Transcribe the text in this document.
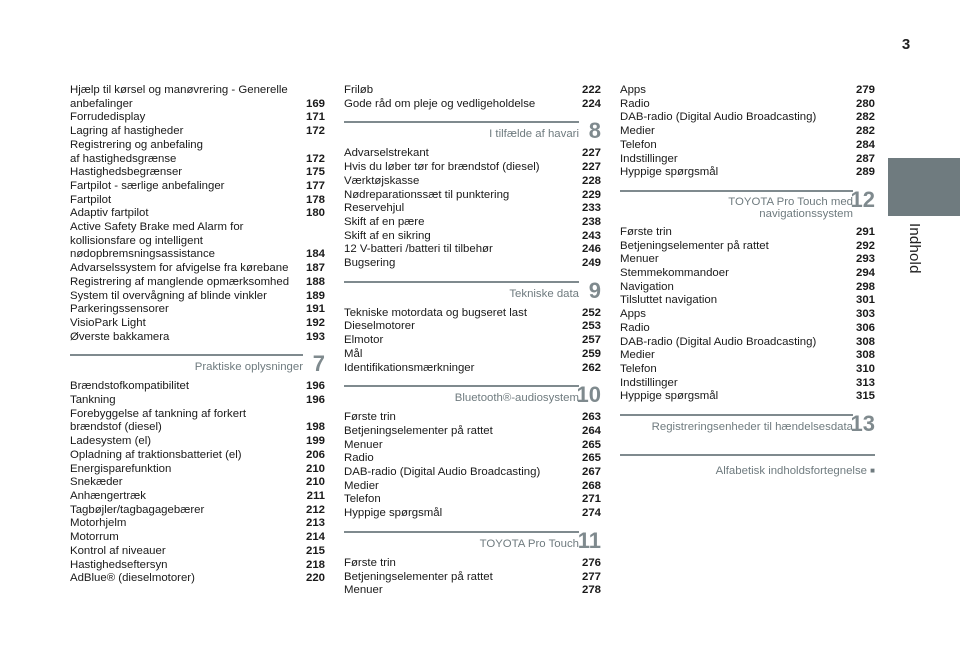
3
Indhold
Hjælp til kørsel og manøvrering - Generelle
anbefalinger	169
Forrudedisplay	171
Lagring af hastigheder	172
Registrering og anbefaling
af hastighedsgrænse	172
Hastighedsbegrænser	175
Fartpilot - særlige anbefalinger	177
Fartpilot	178
Adaptiv fartpilot	180
Active Safety Brake med Alarm for
kollisionsfare og intelligent
nødopbremsningsassistance	184
Advarselssystem for afvigelse fra kørebane	187
Registrering af manglende opmærksomhed	188
System til overvågning af blinde vinkler	189
Parkeringssensorer	191
VisioPark Light	192
Øverste bakkamera	193
Praktiske oplysninger 7
Brændstofkompatibilitet	196
Tankning	196
Forebyggelse af tankning af forkert
brændstof (diesel)	198
Ladesystem (el)	199
Opladning af traktionsbatteriet (el)	206
Energisparefunktion	210
Snekæder	210
Anhængertræk	211
Tagbøjler/tagbagagebærer	212
Motorhjelm	213
Motorrum	214
Kontrol af niveauer	215
Hastighedseftersyn	218
AdBlue® (dieselmotorer)	220
Friløb	222
Gode råd om pleje og vedligeholdelse	224
I tilfælde af havari 8
Advarselstrekant	227
Hvis du løber tør for brændstof (diesel)	227
Værktøjskasse	228
Nødreparationssæt til punktering	229
Reservehjul	233
Skift af en pære	238
Skift af en sikring	243
12 V-batteri /batteri til tilbehør	246
Bugsering	249
Tekniske data 9
Tekniske motordata og bugseret last	252
Dieselmotorer	253
Elmotor	257
Mål	259
Identifikationsmærkninger	262
Bluetooth®-audiosystem
10
Første trin	263
Betjeningselementer på rattet	264
Menuer	265
Radio	265
DAB-radio (Digital Audio Broadcasting)	267
Medier	268
Telefon	271
Hyppige spørgsmål	274
TOYOTA Pro Touch
11
Første trin	276
Betjeningselementer på rattet	277
Menuer	278
Apps	279
Radio	280
DAB-radio (Digital Audio Broadcasting)	282
Medier	282
Telefon	284
Indstillinger	287
Hyppige spørgsmål	289
TOYOTA Pro Touch med
navigationssystem
12
Første trin	291
Betjeningselementer på rattet	292
Menuer	293
Stemmekommandoer	294
Navigation	298
Tilsluttet navigation	301
Apps	303
Radio	306
DAB-radio (Digital Audio Broadcasting)	308
Medier	308
Telefon	310
Indstillinger	313
Hyppige spørgsmål	315
Registreringsenheder til hændelsesdata
13
Alfabetisk indholdsfortegnelse ■
